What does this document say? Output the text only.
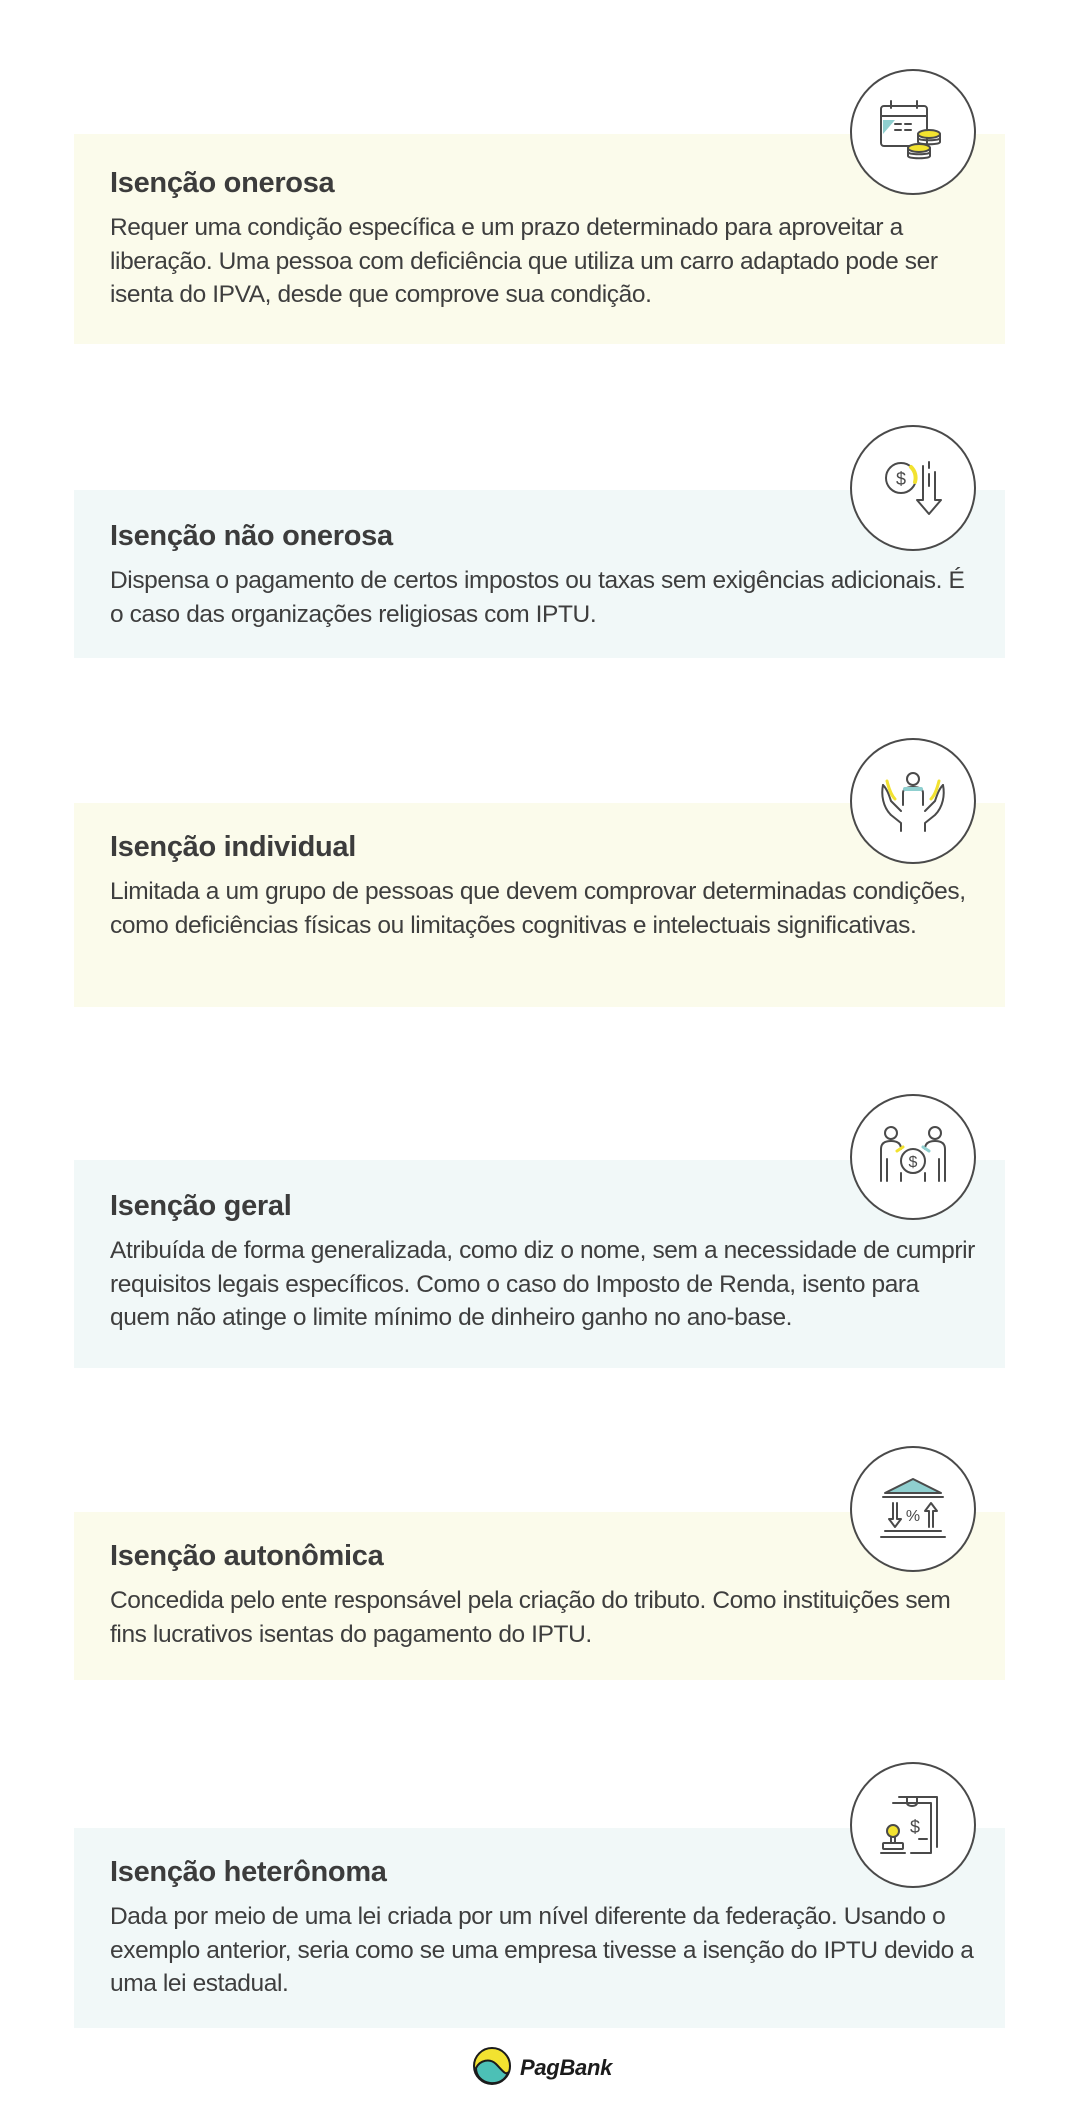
Isenção onerosa

Requer uma condição específica e um prazo determinado para aproveitar a liberação. Uma pessoa com deficiência que utiliza um carro adaptado pode ser isenta do IPVA, desde que comprove sua condição.

Isenção não onerosa

Dispensa o pagamento de certos impostos ou taxas sem exigências adicionais. É o caso das organizações religiosas com IPTU.

$
Isenção individual

Limitada a um grupo de pessoas que devem comprovar determinadas condições, como deficiências físicas ou limitações cognitivas e intelectuais significativas.

Isenção geral

Atribuída de forma generalizada, como diz o nome, sem a necessidade de cumprir requisitos legais específicos. Como o caso do Imposto de Renda, isento para quem não atinge o limite mínimo de dinheiro ganho no ano-base.

$
Isenção autonômica

Concedida pelo ente responsável pela criação do tributo. Como instituições sem fins lucrativos isentas do pagamento do IPTU.

%
Isenção heterônoma

Dada por meio de uma lei criada por um nível diferente da federação. Usando o exemplo anterior, seria como se uma empresa tivesse a isenção do IPTU devido a uma lei estadual.

$
PagBank
